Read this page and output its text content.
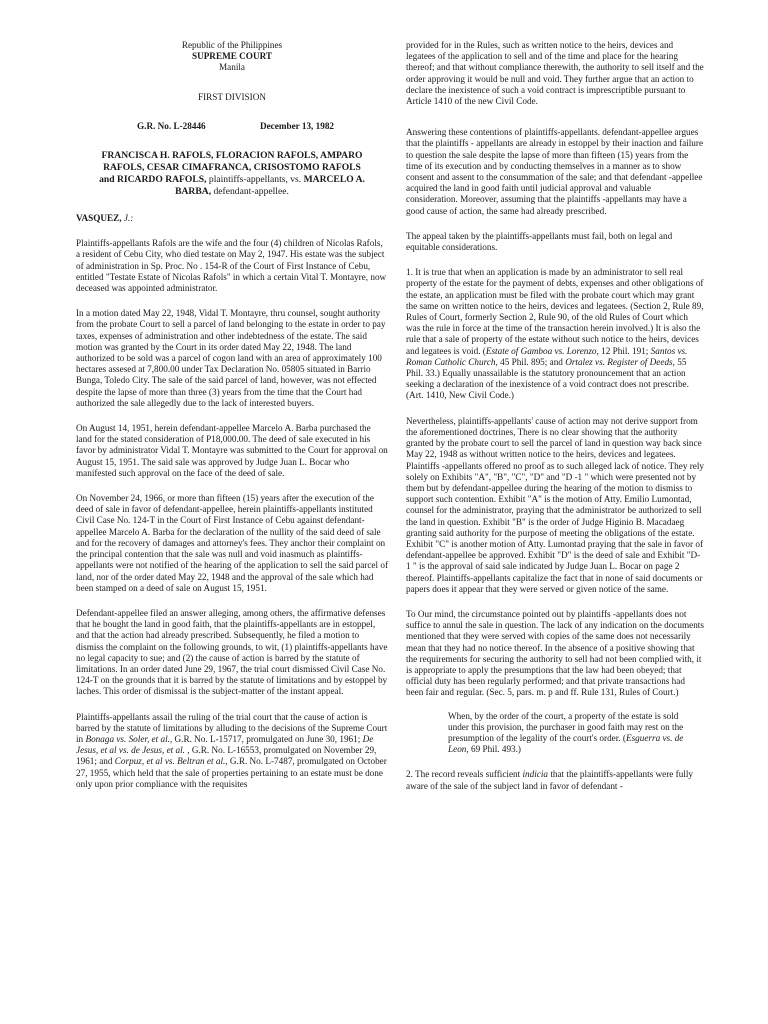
Republic of the Philippines
SUPREME COURT
Manila
FIRST DIVISION
G.R. No. L-28446	December 13, 1982
FRANCISCA H. RAFOLS, FLORACION RAFOLS, AMPARO
RAFOLS, CESAR CIMAFRANCA, CRISOSTOMO RAFOLS
and RICARDO RAFOLS, plaintiffs-appellants, vs. MARCELO A.
BARBA, defendant-appellee.
VASQUEZ, J.:

Plaintiffs-appellants Rafols are the wife and the four (4) children of Nicolas Rafols, a resident of Cebu City, who died testate on May 2, 1947. His estate was the subject of administration in Sp. Proc. No . 154-R of the Court of First Instance of Cebu, entitled "Testate Estate of Nicolas Rafols" in which a certain Vital T. Montayre, now deceased was appointed administrator.

In a motion dated May 22, 1948, Vidal T. Montayre, thru counsel, sought authority from the probate Court to sell a parcel of land belonging to the estate in order to pay taxes, expenses of administration and other indebtedness of the estate. The said motion was granted by the Court in its order dated May 22, 1948. The land authorized to be sold was a parcel of cogon land with an area of approximately 100 hectares assesed at 7,800.00 under Tax Declaration No. 05805 situated in Barrio Bunga, Toledo City. The sale of the said parcel of land, however, was not effected despite the lapse of more than three (3) years from the time that the Court had authorized the sale allegedly due to the lack of interested buyers.

On August 14, 1951, herein defendant-appellee Marcelo A. Barba purchased the land for the stated consideration of P18,000.00. The deed of sale executed in his favor by administrator Vidal T. Montayre was submitted to the Court for approval on August 15, 1951. The said sale was approved by Judge Juan L. Bocar who manifested such approval on the face of the deed of sale.

On November 24, 1966, or more than fifteen (15) years after the execution of the deed of sale in favor of defendant-appellee, herein plaintiffs-appellants instituted Civil Case No. 124-T in the Court of First Instance of Cebu against defendant-appellee Marcelo A. Barba for the declaration of the nullity of the said deed of sale and for the recovery of damages and attorney's fees. They anchor their complaint on the principal contention that the sale was null and void inasmuch as plaintiffs- appellants were not notified of the hearing of the application to sell the said parcel of land, nor of the order dated May 22, 1948 and the approval of the sale which had been stamped on a deed of sale on August 15, 1951.

Defendant-appellee filed an answer alleging, among others, the affirmative defenses that he bought the land in good faith, that the plaintiffs-appellants are in estoppel, and that the action had already prescribed. Subsequently, he filed a motion to dismiss the complaint on the following grounds, to wit, (1) plaintiffs-appellants have no legal capacity to sue; and (2) the cause of action is barred by the statute of limitations. In an order dated June 29, 1967, the trial court dismissed Civil Case No. 124-T on the grounds that it is barred by the statute of limitations and by estoppel by laches. This order of dismissal is the subject-matter of the instant appeal.

Plaintiffs-appellants assail the ruling of the trial court that the cause of action is barred by the statute of limitations by alluding to the decisions of the Supreme Court in Bonaga vs. Soler, et al., G.R. No. L-15717, promulgated on June 30, 1961; De Jesus, et al vs. de Jesus, et al. , G.R. No. L-16553, promulgated on November 29, 1961; and Corpuz, et al vs. Beltran et al., G.R. No. L-7487, promulgated on October 27, 1955, which held that the sale of properties pertaining to an estate must be done only upon prior compliance with the requisites

provided for in the Rules, such as written notice to the heirs, devices and legatees of the application to sell and of the time and place for the hearing thereof; and that without compliance therewith, the authority to sell itself and the order approving it would be null and void. They further argue that an action to declare the inexistence of such a void contract is imprescriptible pursuant to Article 1410 of the new Civil Code.

Answering these contentions of plaintiffs-appellants. defendant-appellee argues that the plaintiffs - appellants are already in estoppel by their inaction and failure to question the sale despite the lapse of more than fifteen (15) years from the time of its execution and by conducting themselves in a manner as to show consent and assent to the consummation of the sale; and that defendant -appellee acquired the land in good faith until judicial approval and valuable consideration. Moreover, assuming that the plaintiffs -appellants may have a good cause of action, the same had already prescribed.

The appeal taken by the plaintiffs-appellants must fail, both on legal and equitable considerations.

1. It is true that when an application is made by an administrator to sell real property of the estate for the payment of debts, expenses and other obligations of the estate, an application must be filed with the probate court which may grant the same on written notice to the heirs, devices and legatees. (Section 2, Rule 89, Rules of Court, formerly Section 2, Rule 90, of the old Rules of Court which was the rule in force at the time of the transaction herein involved.) It is also the rule that a sale of property of the estate without such notice to the heirs, devices and legatees is void. (Estate of Gamboa vs. Lorenzo, 12 Phil. 191; Santos vs. Roman Catholic Church, 45 Phil. 895; and Ortalez vs. Register of Deeds, 55 Phil. 33.) Equally unassailable is the statutory pronouncement that an action seeking a declaration of the inexistence of a void contract does not prescribe. (Art. 1410, New Civil Code.)

Nevertheless, plaintiffs-appellants' cause of action may not derive support from the aforementioned doctrines, There is no clear showing that the authority granted by the probate court to sell the parcel of land in question way back since May 22, 1948 as without written notice to the heirs, devices and legatees. Plaintiffs -appellants offered no proof as to such alleged lack of notice. They rely solely on Exhibits "A", "B", "C", "D" and "D -1 " which were presented not by them but by defendant-appellee during the hearing of the motion to dismiss to support such contention. Exhibit "A" is the motion of Atty. Emilio Lumontad, counsel for the administrator, praying that the administrator be authorized to sell the land in question. Exhibit "B" is the order of Judge Higinio B. Macadaeg granting said authority for the purpose of meeting the obligations of the estate. Exhibit "C" is another motion of Atty. Lumontad praying that the sale in favor of defendant-appellee be approved. Exhibit "D" is the deed of sale and Exhibit "D-1 " is the approval of said sale indicated by Judge Juan L. Bocar on page 2 thereof. Plaintiffs-appellants capitalize the fact that in none of said documents or papers does it appear that they were served or given notice of the same.

To Our mind, the circumstance pointed out by plaintiffs -appellants does not suffice to annul the sale in question. The lack of any indication on the documents mentioned that they were served with copies of the same does not necessarily mean that they had no notice thereof. In the absence of a positive showing that the requirements for securing the authority to sell had not been complied with, it is appropriate to apply the presumptions that the law had been obeyed; that official duty has been regularly performed; and that private transactions had been fair and regular. (Sec. 5, pars. m. p and ff. Rule 131, Rules of Court.)

When, by the order of the court, a property of the estate is sold under this provision, the purchaser in good faith may rest on the presumption of the legality of the court's order. (Esguerra vs. de Leon, 69 Phil. 493.)

2. The record reveals sufficient indicia that the plaintiffs-appellants were fully aware of the sale of the subject land in favor of defendant -
